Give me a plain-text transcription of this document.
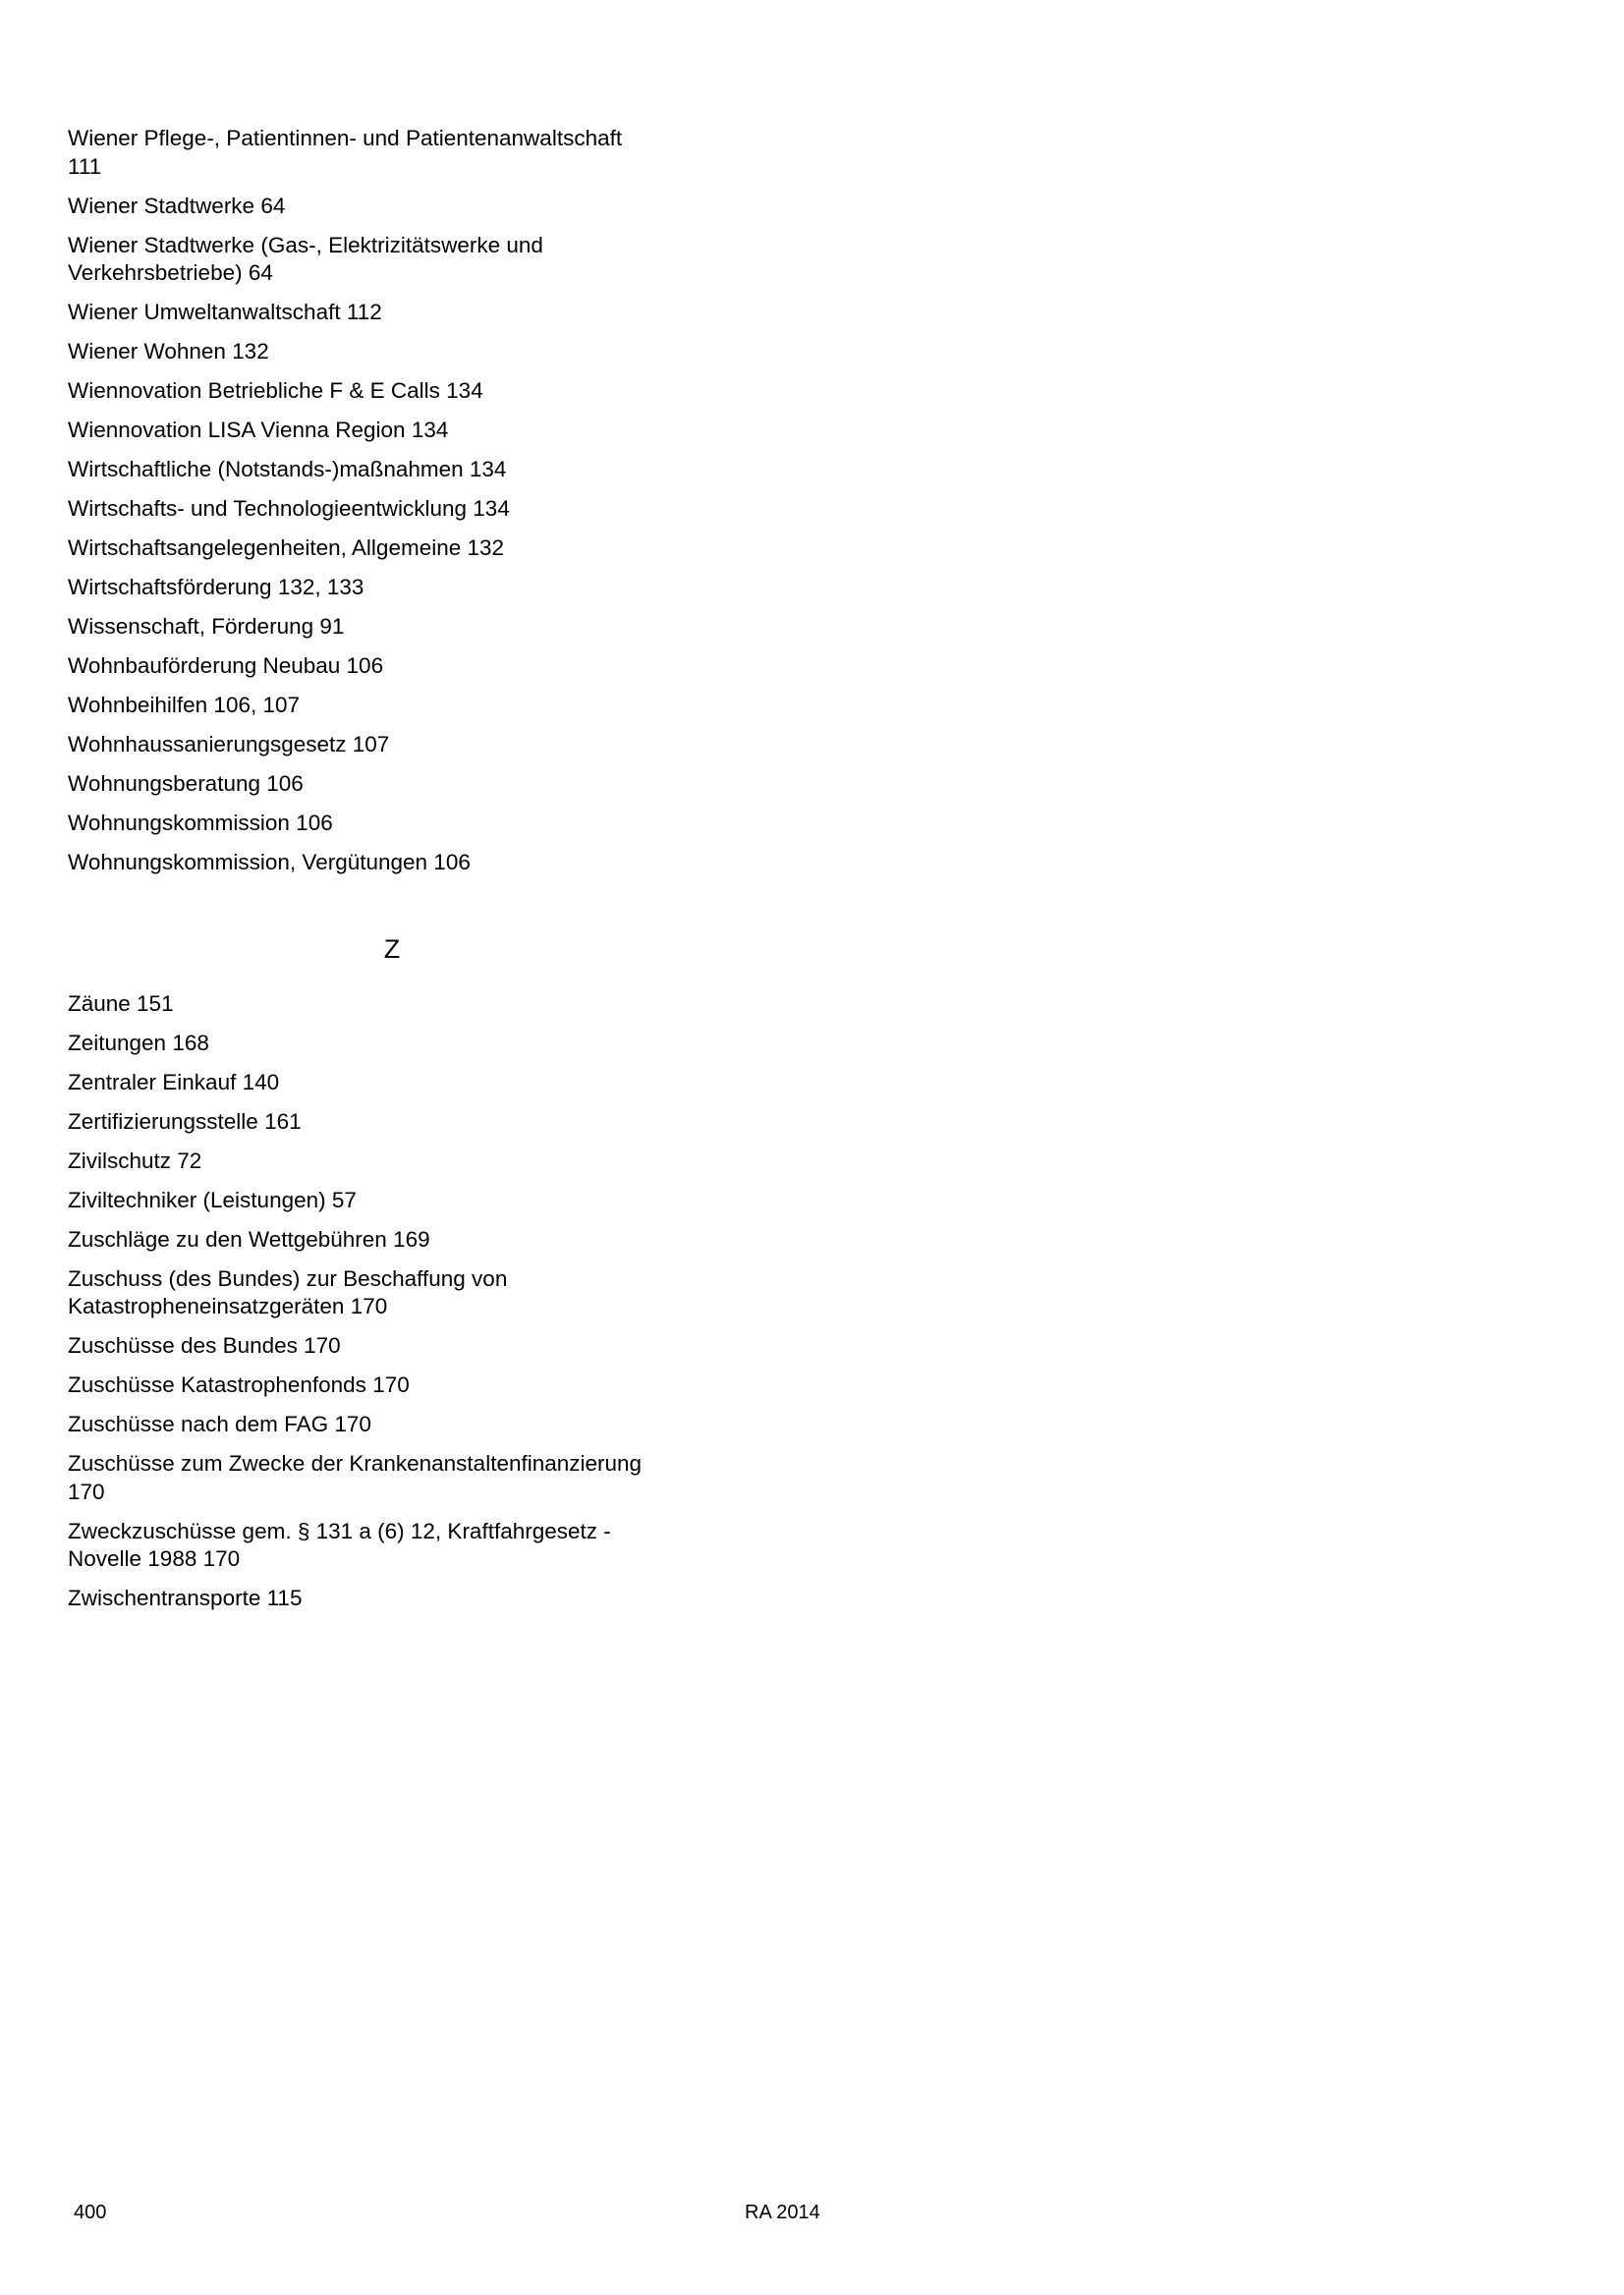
Wiener Pflege-, Patientinnen- und Patientenanwaltschaft 111
Wiener Stadtwerke 64
Wiener Stadtwerke (Gas-, Elektrizitätswerke und Verkehrsbetriebe) 64
Wiener Umweltanwaltschaft 112
Wiener Wohnen 132
Wiennovation Betriebliche F & E Calls 134
Wiennovation LISA Vienna Region 134
Wirtschaftliche (Notstands-)maßnahmen 134
Wirtschafts- und Technologieentwicklung 134
Wirtschaftsangelegenheiten, Allgemeine 132
Wirtschaftsförderung 132, 133
Wissenschaft, Förderung 91
Wohnbauförderung Neubau 106
Wohnbeihilfen 106, 107
Wohnhaussanierungsgesetz 107
Wohnungsberatung 106
Wohnungskommission 106
Wohnungskommission, Vergütungen 106
Z
Zäune 151
Zeitungen 168
Zentraler Einkauf 140
Zertifizierungsstelle 161
Zivilschutz 72
Ziviltechniker (Leistungen) 57
Zuschläge zu den Wettgebühren 169
Zuschuss (des Bundes) zur Beschaffung von Katastropheneinsatzgeräten 170
Zuschüsse des Bundes 170
Zuschüsse Katastrophenfonds 170
Zuschüsse nach dem FAG 170
Zuschüsse zum Zwecke der Krankenanstaltenfinanzierung 170
Zweckzuschüsse gem. § 131 a (6) 12, Kraftfahrgesetz - Novelle 1988 170
Zwischentransporte 115
400	RA 2014
